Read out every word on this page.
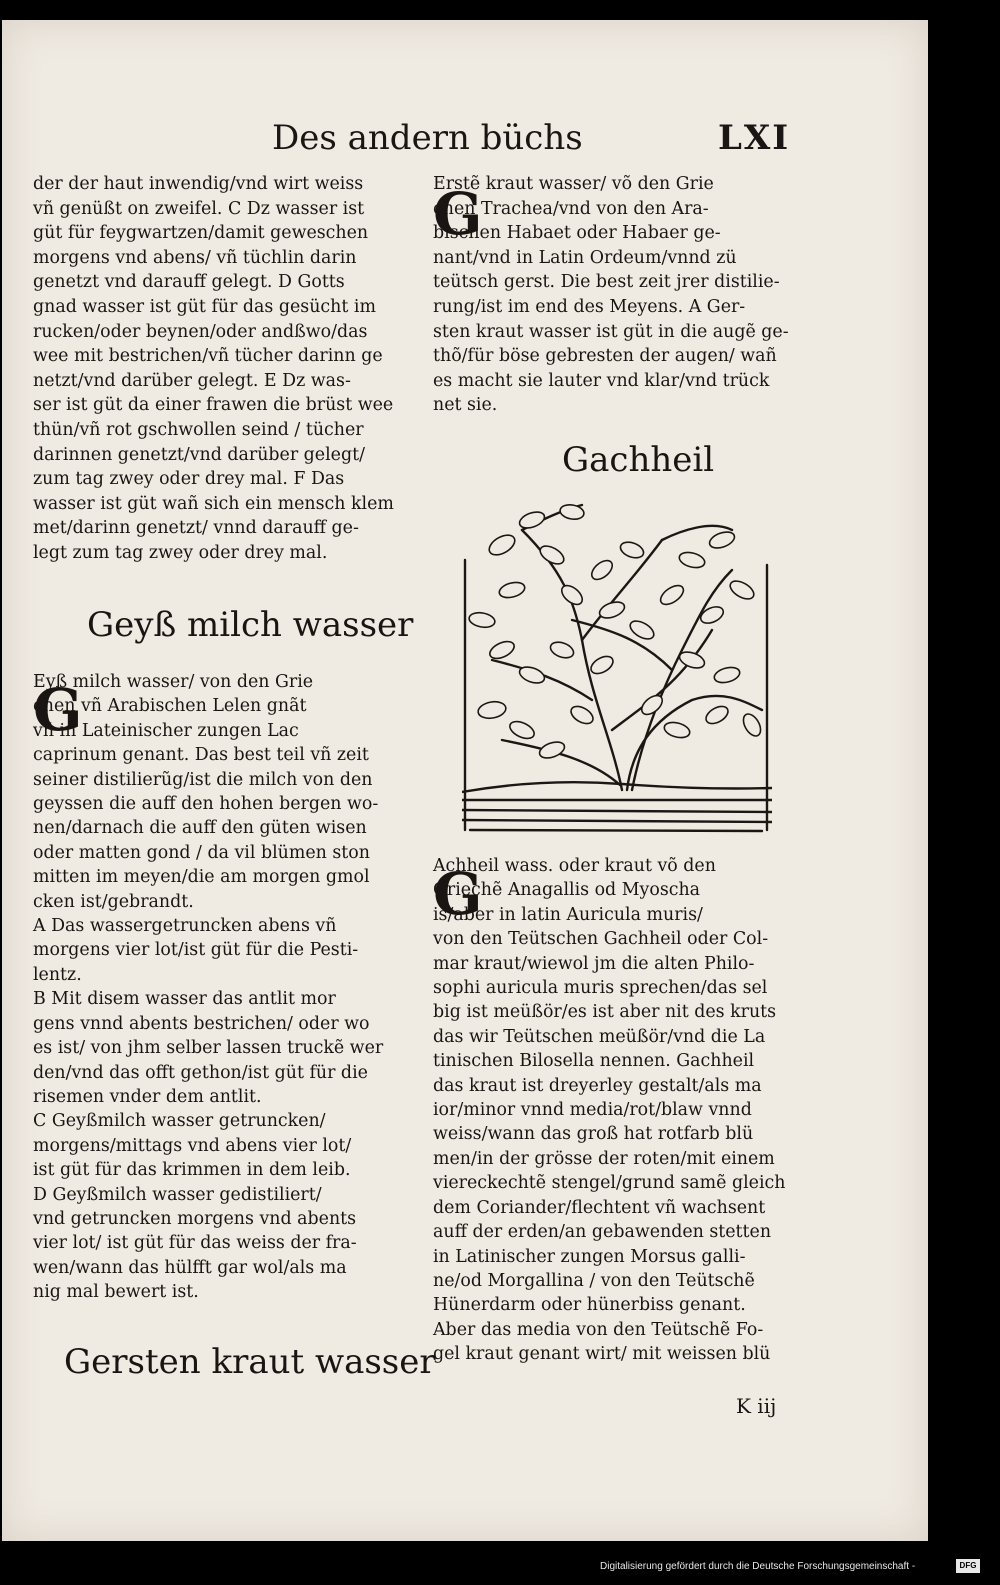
Des andern büchs	LXI

der der haut inwendig/vnd wirt weiss

vñ genüßt on zweifel. C Dz wasser ist

güt für feygwartzen/damit geweschen

morgens vnd abens/ vñ tüchlin darin

genetzt vnd darauff gelegt. D Gotts

gnad wasser ist güt für das gesücht im

rucken/oder beynen/oder andßwo/das

wee mit bestrichen/vñ tücher darinn ge

netzt/vnd darüber gelegt. E Dz was-

ser ist güt da einer frawen die brüst wee

thün/vñ rot gschwollen seind / tücher

darinnen genetzt/vnd darüber gelegt/

zum tag zwey oder drey mal. F Das

wasser ist güt wañ sich ein mensch klem

met/darinn genetzt/ vnnd darauff ge-

legt zum tag zwey oder drey mal.

Geyß milch wasser
G

Eyß milch wasser/ von den Grie

chen vñ Arabischen Lelen gnãt

vñ in Lateinischer zungen Lac

caprinum genant. Das best teil vñ zeit

seiner distilierũg/ist die milch von den

geyssen die auff den hohen bergen wo-

nen/darnach die auff den güten wisen

oder matten gond / da vil blümen ston

mitten im meyen/die am morgen gmol

cken ist/gebrandt.

A Das wassergetruncken abens vñ

morgens vier lot/ist güt für die Pesti-

lentz.

B Mit disem wasser das antlit mor

gens vnnd abents bestrichen/ oder wo

es ist/ von jhm selber lassen truckẽ wer

den/vnd das offt gethon/ist güt für die

risemen vnder dem antlit.

C Geyßmilch wasser getruncken/

morgens/mittags vnd abens vier lot/

ist güt für das krimmen in dem leib.

D Geyßmilch wasser gedistiliert/

vnd getruncken morgens vnd abents

vier lot/ ist güt für das weiss der fra-

wen/wann das hülfft gar wol/als ma

nig mal bewert ist.

Gersten kraut wasser
G

Erstẽ kraut wasser/ võ den Grie

chen Trachea/vnd von den Ara-

bischen Habaet oder Habaer ge-

nant/vnd in Latin Ordeum/vnnd zü

teütsch gerst. Die best zeit jrer distilie-

rung/ist im end des Meyens. A Ger-

sten kraut wasser ist güt in die augẽ ge-

thõ/für böse gebresten der augen/ wañ

es macht sie lauter vnd klar/vnd trück

net sie.

Gachheil
G

Achheil wass. oder kraut võ den

Griechẽ Anagallis od Myoscha

is/aber in latin Auricula muris/

von den Teütschen Gachheil oder Col-

mar kraut/wiewol jm die alten Philo-

sophi auricula muris sprechen/das sel

big ist meüßör/es ist aber nit des kruts

das wir Teütschen meüßör/vnd die La

tinischen Bilosella nennen. Gachheil

das kraut ist dreyerley gestalt/als ma

ior/minor vnnd media/rot/blaw vnnd

weiss/wann das groß hat rotfarb blü

men/in der grösse der roten/mit einem

viereckechtẽ stengel/grund samẽ gleich

dem Coriander/flechtent vñ wachsent

auff der erden/an gebawenden stetten

in Latinischer zungen Morsus galli-

ne/od Morgallina / von den Teütschẽ

Hünerdarm oder hünerbiss genant.

Aber das media von den Teütschẽ Fo-

gel kraut genant wirt/ mit weissen blü

K iij
Digitalisierung gefördert durch die Deutsche Forschungsgemeinschaft -	DFG
